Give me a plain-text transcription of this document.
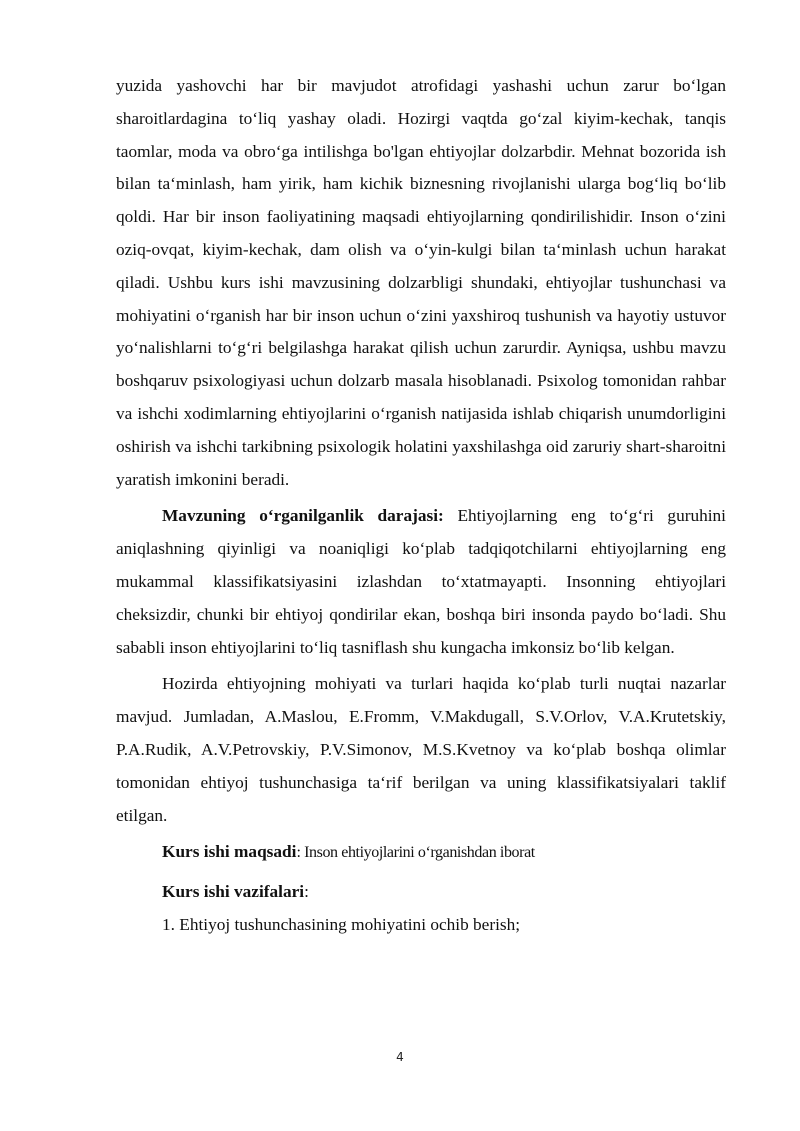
yuzida yashovchi har bir mavjudot atrofidagi yashashi uchun zarur bo‘lgan sharoitlardagina to‘liq yashay oladi. Hozirgi vaqtda go‘zal kiyim-kechak, tanqis taomlar, moda va obro‘ga intilishga bo'lgan ehtiyojlar dolzarbdir. Mehnat bozorida ish bilan ta‘minlash, ham yirik, ham kichik biznesning rivojlanishi ularga bog‘liq bo‘lib qoldi. Har bir inson faoliyatining maqsadi ehtiyojlarning qondirilishidir. Inson o‘zini oziq-ovqat, kiyim-kechak, dam olish va o‘yin-kulgi bilan ta‘minlash uchun harakat qiladi. Ushbu kurs ishi mavzusining dolzarbligi shundaki, ehtiyojlar tushunchasi va mohiyatini o‘rganish har bir inson uchun o‘zini yaxshiroq tushunish va hayotiy ustuvor yo‘nalishlarni to‘g‘ri belgilashga harakat qilish uchun zarurdir. Ayniqsa, ushbu mavzu boshqaruv psixologiyasi uchun dolzarb masala hisoblanadi. Psixolog tomonidan rahbar va ishchi xodimlarning ehtiyojlarini o‘rganish natijasida ishlab chiqarish unumdorligini oshirish va ishchi tarkibning psixologik holatini yaxshilashga oid zaruriy shart-sharoitni yaratish imkonini beradi.

Mavzuning o‘rganilganlik darajasi: Ehtiyojlarning eng to‘g‘ri guruhini aniqlashning qiyinligi va noaniqligi ko‘plab tadqiqotchilarni ehtiyojlarning eng mukammal klassifikatsiyasini izlashdan to‘xtatmayapti. Insonning ehtiyojlari cheksizdir, chunki bir ehtiyoj qondirilar ekan, boshqa biri insonda paydo bo‘ladi. Shu sababli inson ehtiyojlarini to‘liq tasniflash shu kungacha imkonsiz bo‘lib kelgan.

Hozirda ehtiyojning mohiyati va turlari haqida ko‘plab turli nuqtai nazarlar mavjud. Jumladan, A.Maslou, E.Fromm, V.Makdugall, S.V.Orlov, V.A.Krutetskiy, P.A.Rudik, A.V.Petrovskiy, P.V.Simonov, M.S.Kvetnoy va ko‘plab boshqa olimlar tomonidan ehtiyoj tushunchasiga ta‘rif berilgan va uning klassifikatsiyalari taklif etilgan.

Kurs ishi maqsadi: Inson ehtiyojlarini o‘rganishdan iborat

Kurs ishi vazifalari:

1. Ehtiyoj tushunchasining mohiyatini ochib berish;

4
